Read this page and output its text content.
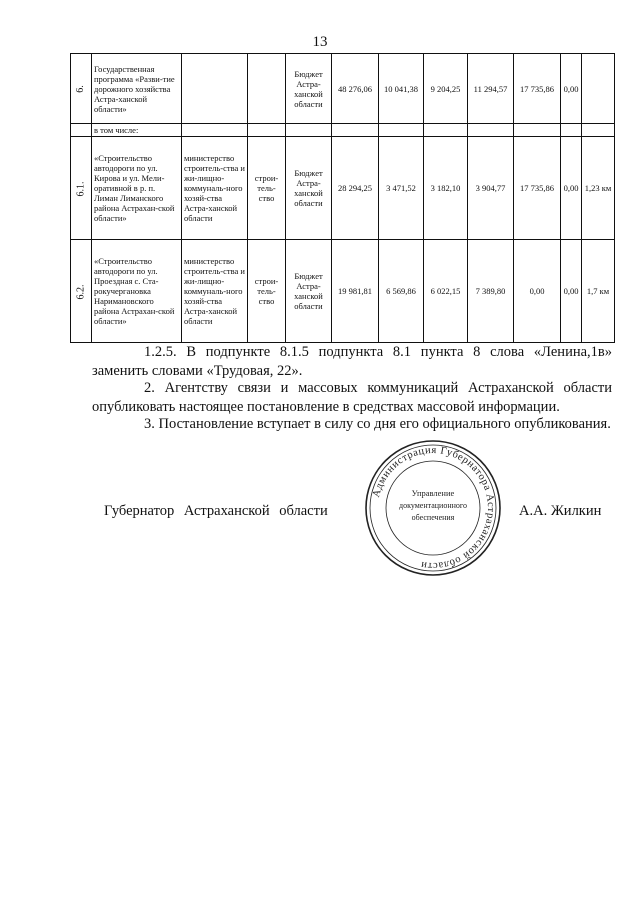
13
6.	Государственная программа «Разви-тие дорожного хозяйства Астра-ханской области»			Бюджет Астра-ханской области	48 276,06	10 041,38	9 204,25	11 294,57	17 735,86	0,00	
	в том числе:										
6.1.	«Строительство автодороги по ул. Кирова и ул. Мели-оративной в р. п. Лиман Лиманского района Астрахан-ской области»	министерство строитель-ства и жи-лищно-коммуналь-ного хозяй-ства Астра-ханской области	строи-тель-ство	Бюджет Астра-ханской области	28 294,25	3 471,52	3 182,10	3 904,77	17 735,86	0,00	1,23 км
6.2.	«Строительство автодороги по ул. Проездная с. Ста-рокучергановка Наримановского района Астрахан-ской области»	министерство строитель-ства и жи-лищно-коммуналь-ного хозяй-ства Астра-ханской области	строи-тель-ство	Бюджет Астра-ханской области	19 981,81	6 569,86	6 022,15	7 389,80	0,00	0,00	1,7 км
1.2.5. В подпункте 8.1.5 подпункта 8.1 пункта 8 слова «Ленина,1в» заменить словами «Трудовая, 22».
2. Агентству связи и массовых коммуникаций Астраханской области опубликовать настоящее постановление в средствах массовой информации.
3. Постановление вступает в силу со дня его официального опубликования.
Губернатор Астраханской области	А.А. Жилкин
Администрация Губернатора Астраханской области
Управление
документационного
обеспечения
